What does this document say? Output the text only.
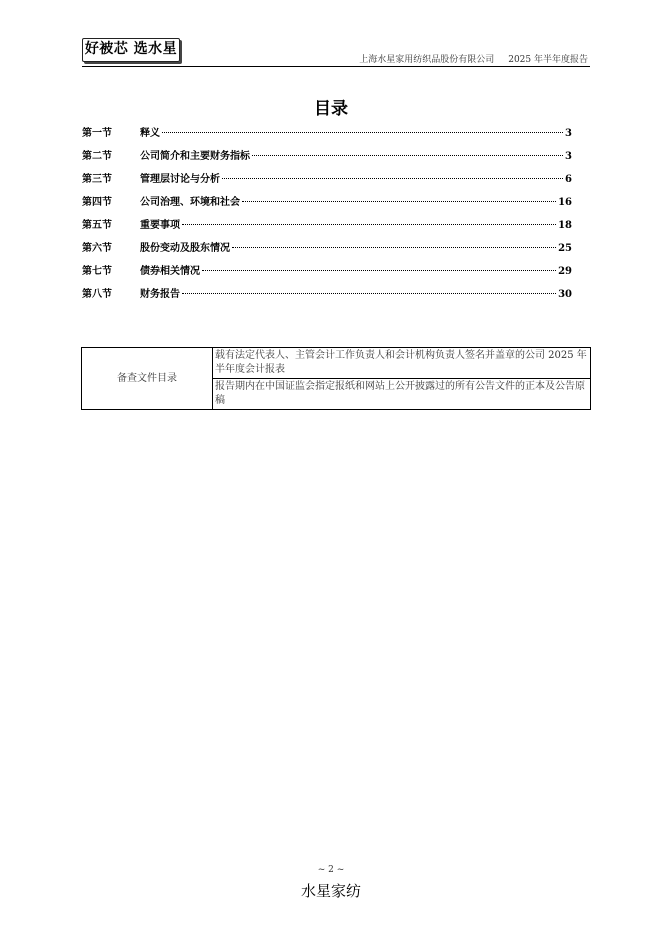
好被芯 选水星
上海水星家用纺织品股份有限公司 2025 年半年度报告
目录
第一节	释义	3
第二节	公司简介和主要财务指标	3
第三节	管理层讨论与分析	6
第四节	公司治理、环境和社会	16
第五节	重要事项	18
第六节	股份变动及股东情况	25
第七节	债券相关情况	29
第八节	财务报告	30
备查文件目录	载有法定代表人、主管会计工作负责人和会计机构负责人签名并盖章的公司 2025 年半年度会计报表
报告期内在中国证监会指定报纸和网站上公开披露过的所有公告文件的正本及公告原稿
~ 2 ~
水星家纺
